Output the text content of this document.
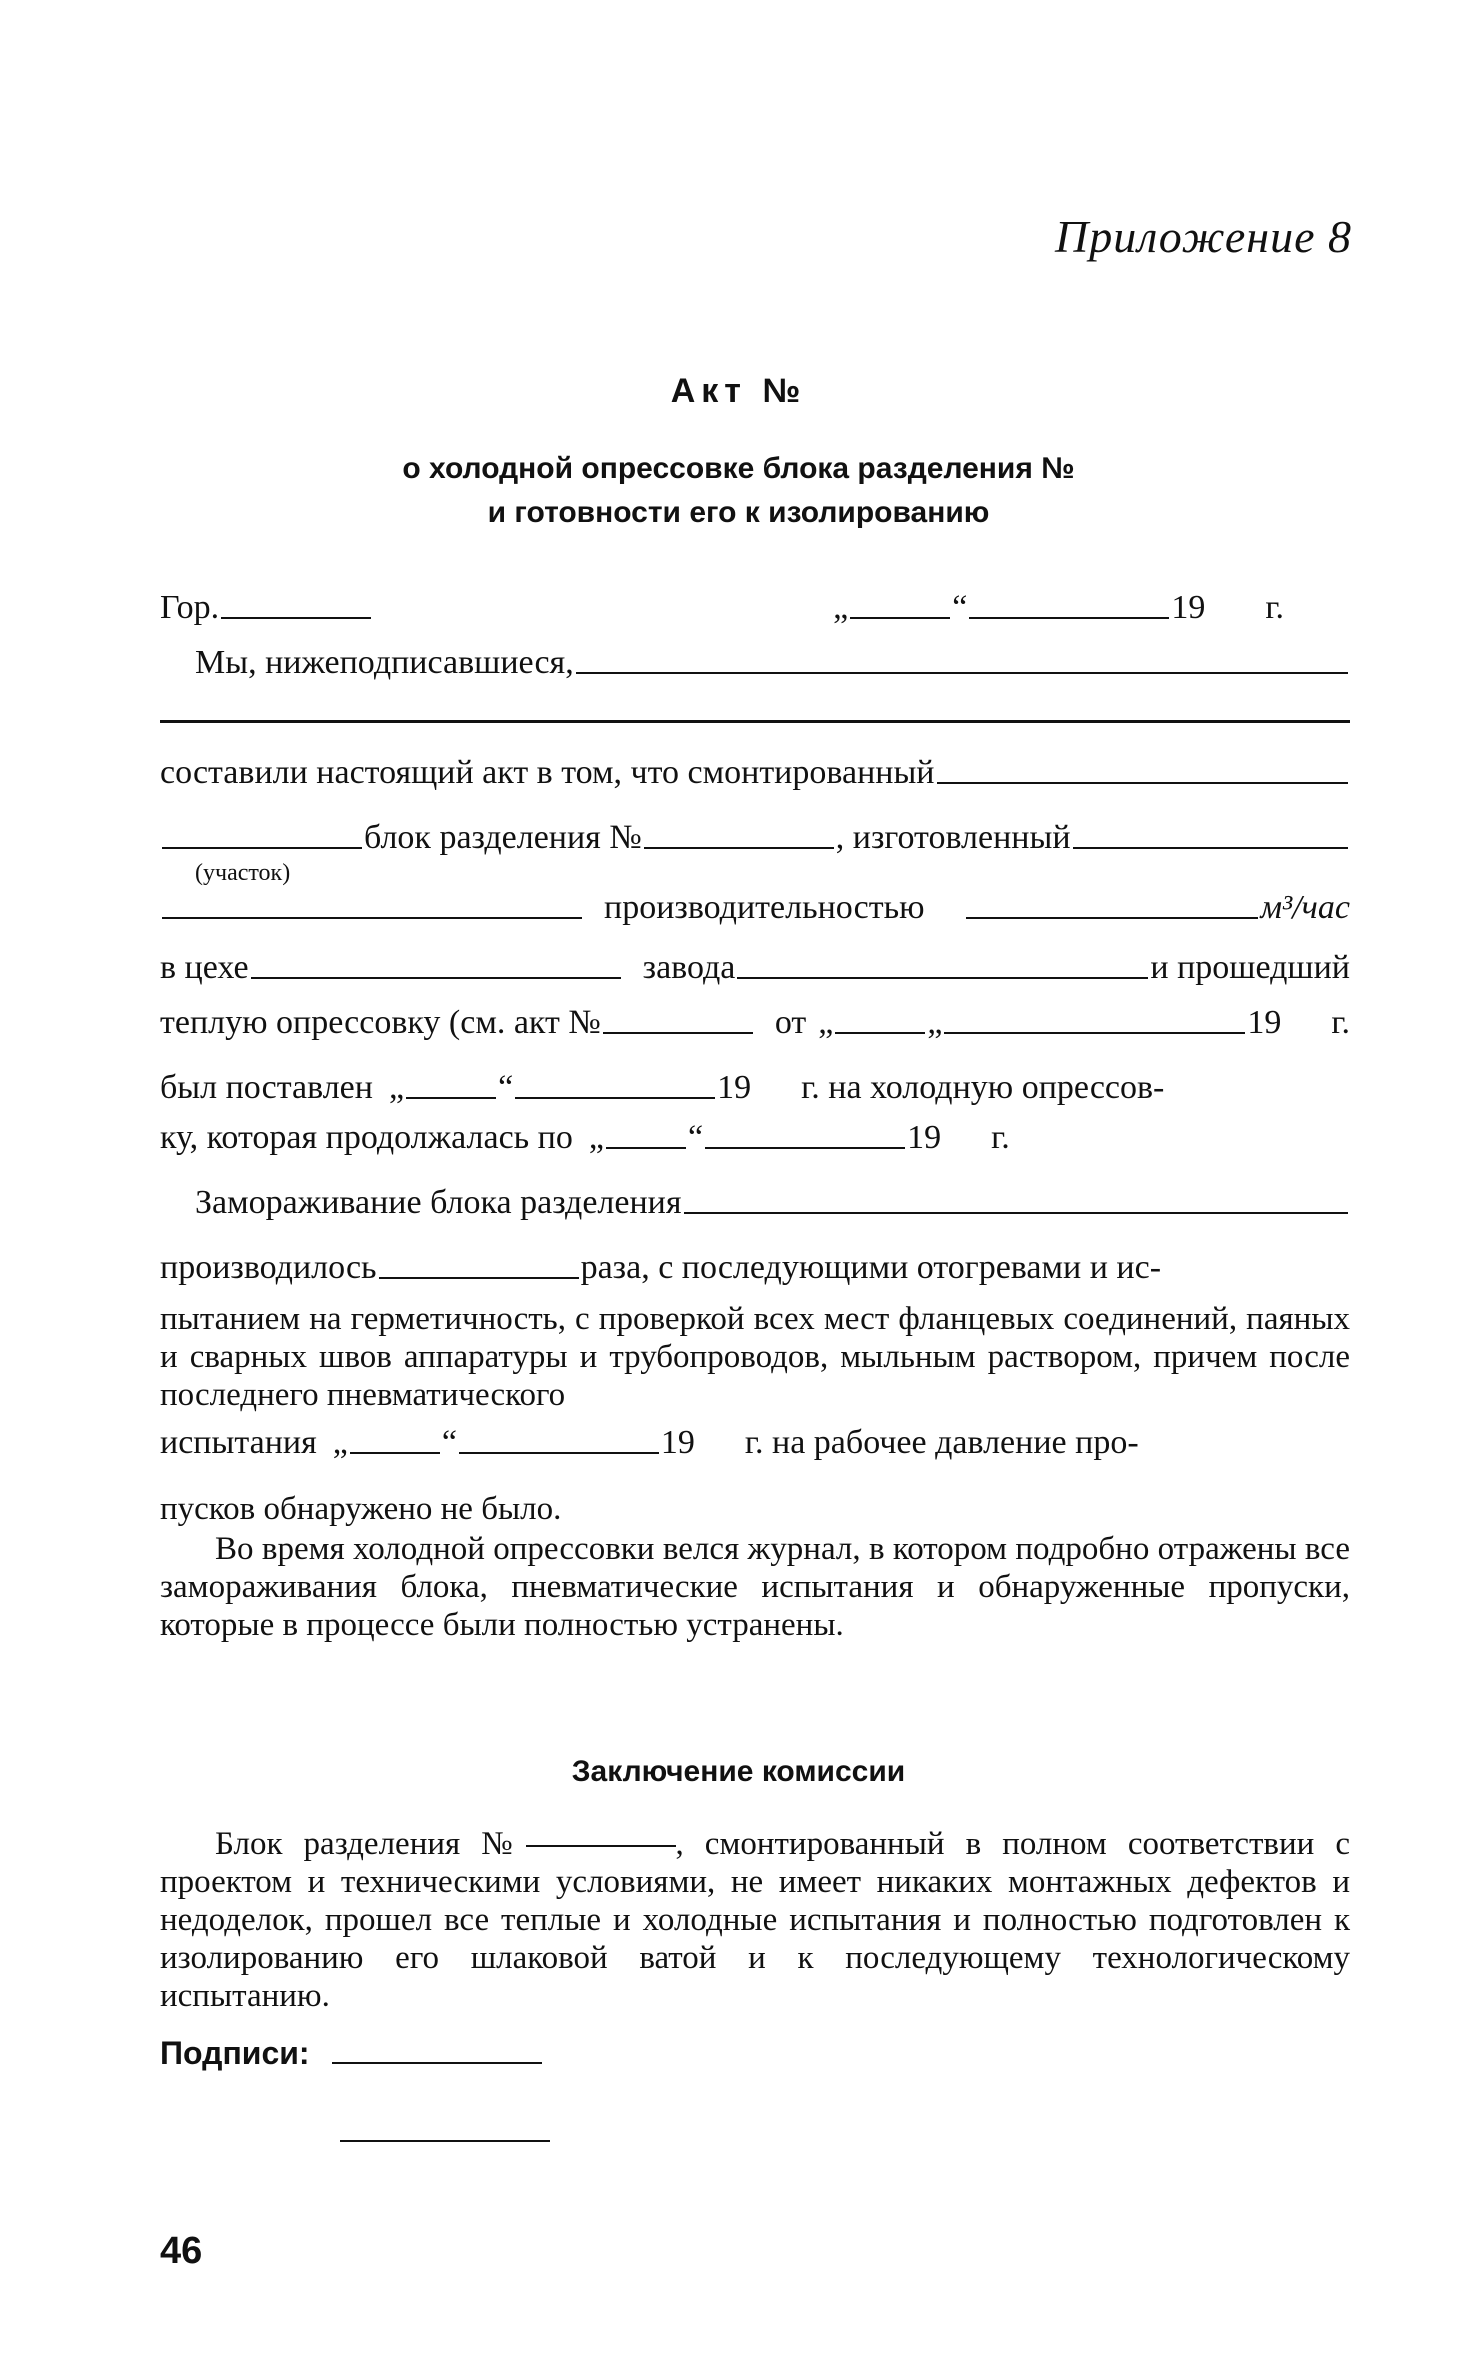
Приложение 8
Акт №
о холодной опрессовке блока разделения №
и готовности его к изолированию
Гор.	„	“	19 г.
Мы, нижеподписавшиеся,
составили настоящий акт в том, что смонтированный
блок разделения №	, изготовленный
(участок)
производительностью	м³/час
в цехе	завода	и прошедший
теплую опрессовку (см. акт №	от „	„	19 г.
был поставлен „	“	19 г. на холодную опрессов-
ку, которая продолжалась по „ “	19 г.
Замораживание блока разделения
производилось	раза, с последующими отогревами и ис-
пытанием на герметичность, с проверкой всех мест фланцевых соединений, паяных и сварных швов аппаратуры и трубопроводов, мыльным раствором, причем после последнего пневматического
испытания „	“	19 г. на рабочее давление про-
пусков обнаружено не было.
Во время холодной опрессовки велся журнал, в котором подробно отражены все замораживания блока, пневматические испытания и обнаруженные пропуски, которые в процессе были полностью устранены.
Заключение комиссии
Блок разделения №	, смонтированный в полном соответствии с проектом и техническими условиями, не имеет никаких монтажных дефектов и недоделок, прошел все теплые и холодные испытания и полностью подготовлен к изолированию его шлаковой ватой и к последующему технологическому испытанию.
Подписи:
46
